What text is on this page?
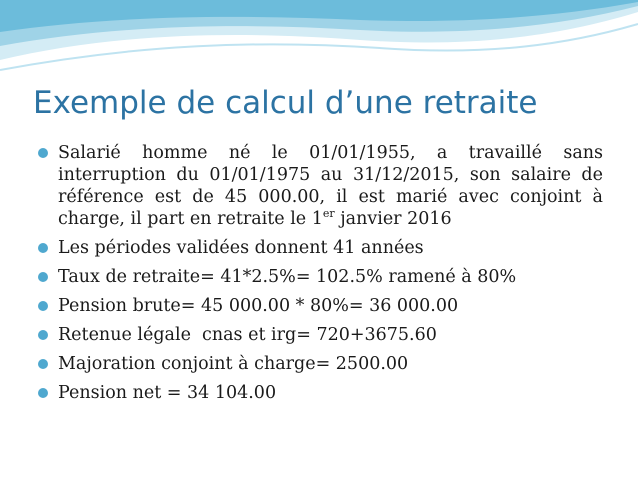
Exemple de calcul d’une retraite
Salarié homme né le 01/01/1955, a travaillé sans interruption du 01/01/1975 au 31/12/2015, son salaire de référence est de 45 000.00, il est marié avec conjoint à charge, il part en retraite le 1er janvier 2016
Les périodes validées donnent 41 années
Taux de retraite= 41*2.5%= 102.5% ramené à 80%
Pension brute= 45 000.00 * 80%= 36 000.00
Retenue légale  cnas et irg= 720+3675.60
Majoration conjoint à charge= 2500.00
Pension net = 34 104.00
